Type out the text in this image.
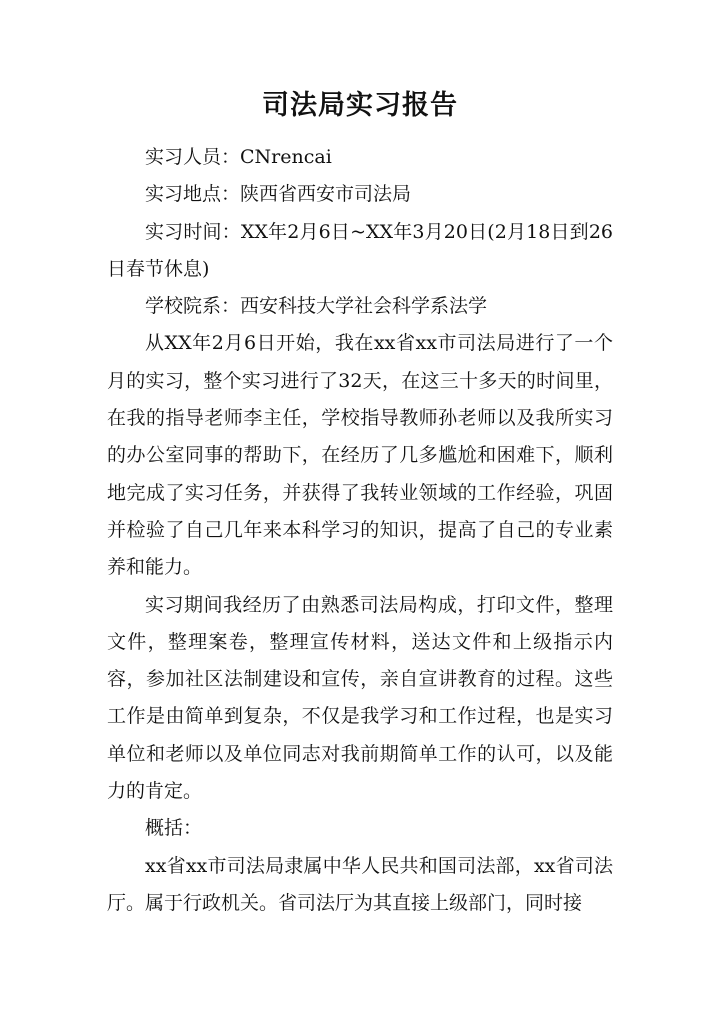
司法局实习报告

实习人员：CNrencai

实习地点：陕西省西安市司法局

实习时间：XX年2月6日~XX年3月20日(2月18日到26日春节休息)

学校院系：西安科技大学社会科学系法学

从XX年2月6日开始，我在xx省xx市司法局进行了一个月的实习，整个实习进行了32天，在这三十多天的时间里，在我的指导老师李主任，学校指导教师孙老师以及我所实习的办公室同事的帮助下，在经历了几多尴尬和困难下，顺利地完成了实习任务，并获得了我转业领域的工作经验，巩固并检验了自己几年来本科学习的知识，提高了自己的专业素养和能力。

实习期间我经历了由熟悉司法局构成，打印文件，整理文件，整理案卷，整理宣传材料，送达文件和上级指示内容，参加社区法制建设和宣传，亲自宣讲教育的过程。这些工作是由简单到复杂，不仅是我学习和工作过程，也是实习单位和老师以及单位同志对我前期简单工作的认可，以及能力的肯定。

概括：

xx省xx市司法局隶属中华人民共和国司法部，xx省司法厅。属于行政机关。省司法厅为其直接上级部门，同时接
